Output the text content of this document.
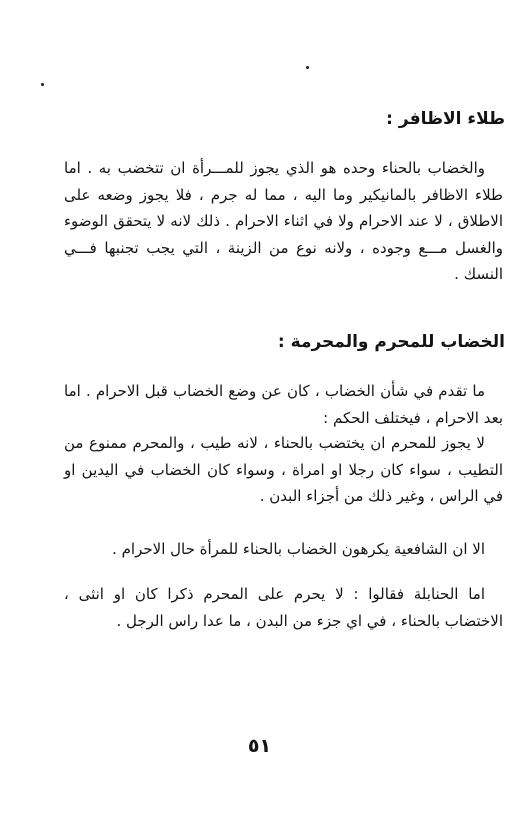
طلاء الاظافر :

والخضاب بالحناء وحده هو الذي يجوز للمـــرأة ان تتخضب به . اما طلاء الاظافر بالمانيكير وما اليه ، مما له جرم ، فلا يجوز وضعه على الاطلاق ، لا عند الاحرام ولا في اثناء الاحرام . ذلك لانه لا يتحقق الوضوء والغسل مـــع وجوده ، ولانه نوع من الزينة ، التي يجب تجنبها فـــي النسك .

الخضاب للمحرم والمحرمة :

ما تقدم في شأن الخضاب ، كان عن وضع الخضاب قبل الاحرام . اما بعد الاحرام ، فيختلف الحكم :

لا يجوز للمحرم ان يختضب بالحناء ، لانه طيب ، والمحرم ممنوع من التطيب ، سواء كان رجلا او امراة ، وسواء كان الخضاب في اليدين او في الراس ، وغير ذلك من أجزاء البدن .

الا ان الشافعية يكرهون الخضاب بالحناء للمرأة حال الاحرام .

اما الحنابلة فقالوا : لا يحرم على المحرم ذكرا كان او انثى ، الاختضاب بالحناء ، في اي جزء من البدن ، ما عدا راس الرجل .

٥١
